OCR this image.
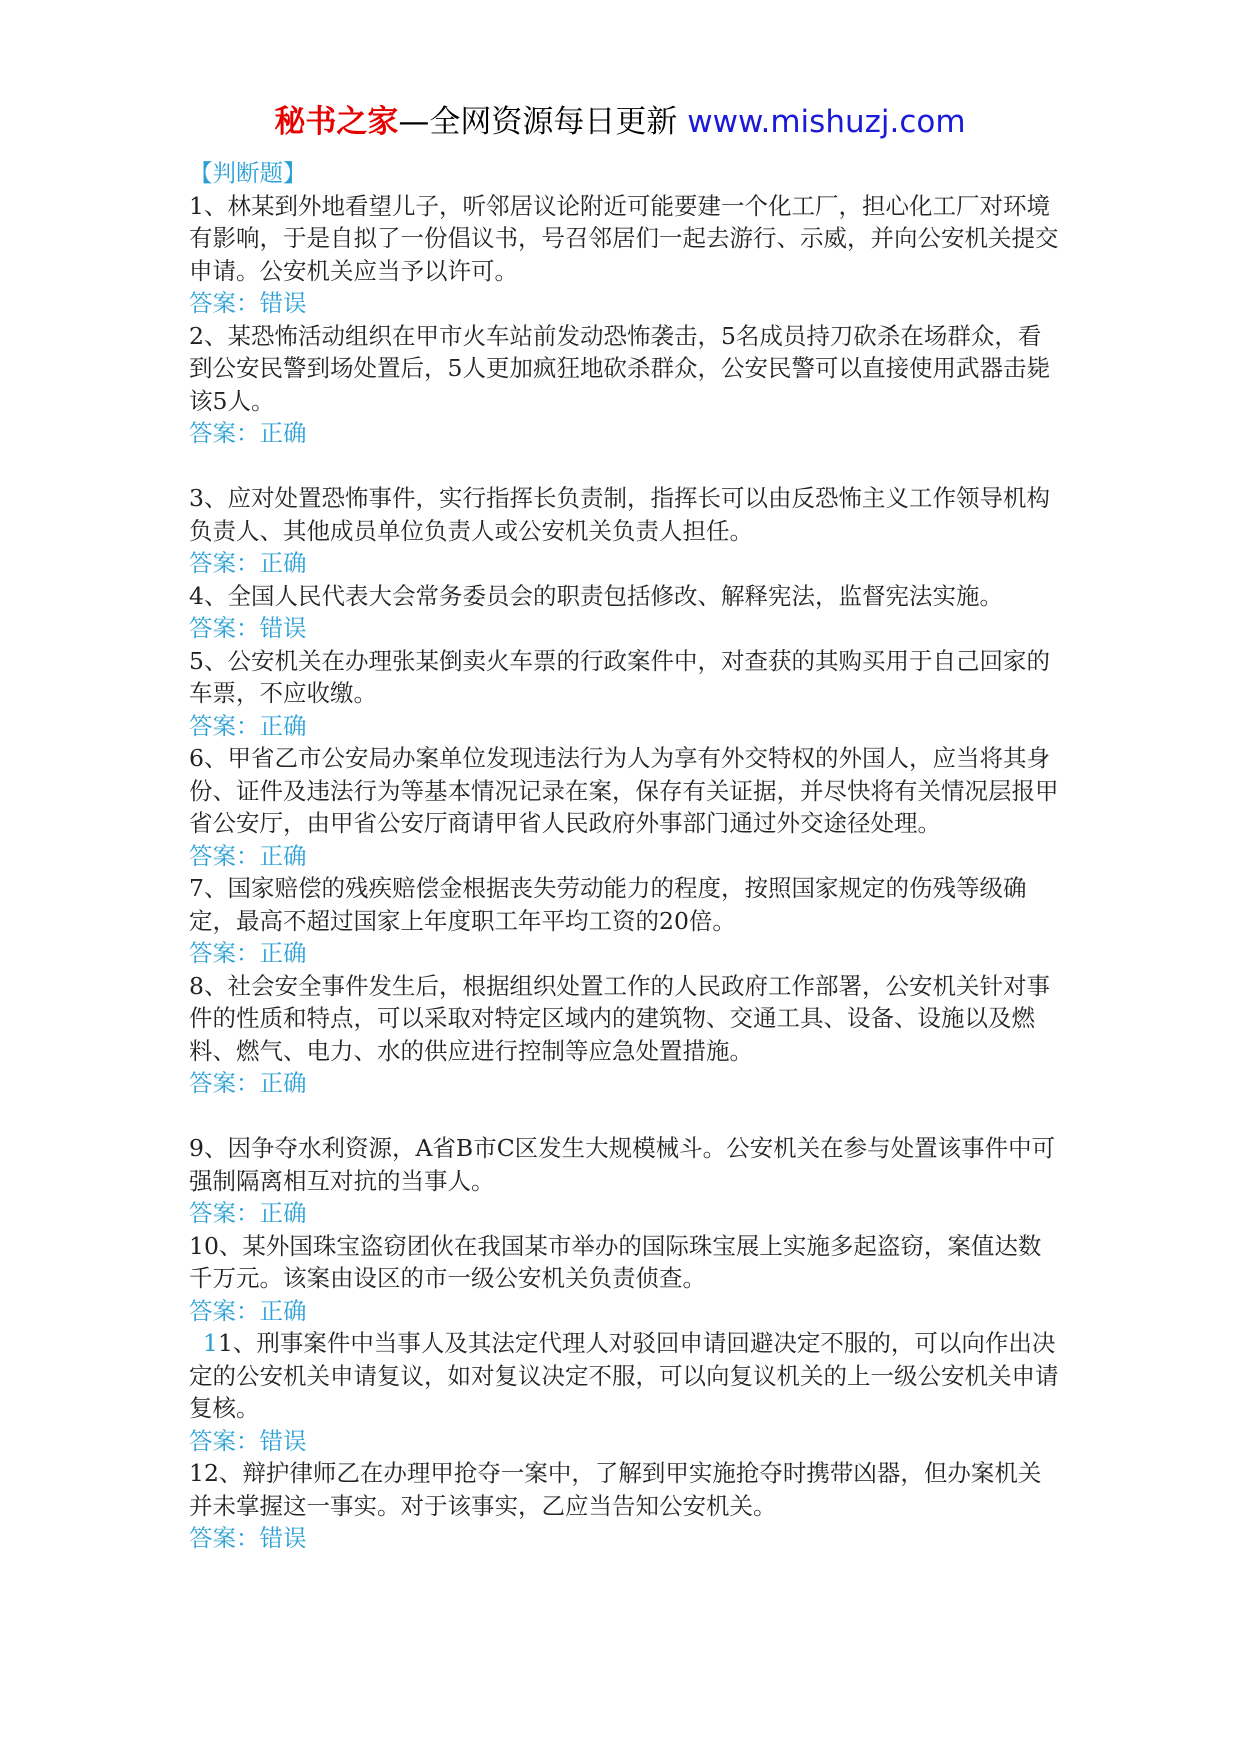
秘书之家—全网资源每日更新 www.mishuzj.com
【判断题】

1、林某到外地看望儿子，听邻居议论附近可能要建一个化工厂，担心化工厂对环境有影响，于是自拟了一份倡议书，号召邻居们一起去游行、示威，并向公安机关提交申请。公安机关应当予以许可。

答案：错误

2、某恐怖活动组织在甲市火车站前发动恐怖袭击，5名成员持刀砍杀在场群众，看到公安民警到场处置后，5人更加疯狂地砍杀群众，公安民警可以直接使用武器击毙该5人。

答案：正确

3、应对处置恐怖事件，实行指挥长负责制，指挥长可以由反恐怖主义工作领导机构负责人、其他成员单位负责人或公安机关负责人担任。

答案：正确

4、全国人民代表大会常务委员会的职责包括修改、解释宪法，监督宪法实施。

答案：错误

5、公安机关在办理张某倒卖火车票的行政案件中，对查获的其购买用于自己回家的车票，不应收缴。

答案：正确

6、甲省乙市公安局办案单位发现违法行为人为享有外交特权的外国人，应当将其身份、证件及违法行为等基本情况记录在案，保存有关证据，并尽快将有关情况层报甲省公安厅，由甲省公安厅商请甲省人民政府外事部门通过外交途径处理。

答案：正确

7、国家赔偿的残疾赔偿金根据丧失劳动能力的程度，按照国家规定的伤残等级确定，最高不超过国家上年度职工年平均工资的20倍。

答案：正确

8、社会安全事件发生后，根据组织处置工作的人民政府工作部署，公安机关针对事件的性质和特点，可以采取对特定区域内的建筑物、交通工具、设备、设施以及燃料、燃气、电力、水的供应进行控制等应急处置措施。

答案：正确

9、因争夺水利资源，A省B市C区发生大规模械斗。公安机关在参与处置该事件中可强制隔离相互对抗的当事人。

答案：正确

10、某外国珠宝盗窃团伙在我国某市举办的国际珠宝展上实施多起盗窃，案值达数千万元。该案由设区的市一级公安机关负责侦查。

答案：正确

11、刑事案件中当事人及其法定代理人对驳回申请回避决定不服的，可以向作出决定的公安机关申请复议，如对复议决定不服，可以向复议机关的上一级公安机关申请复核。

答案：错误

12、辩护律师乙在办理甲抢夺一案中，了解到甲实施抢夺时携带凶器，但办案机关并未掌握这一事实。对于该事实，乙应当告知公安机关。

答案：错误
